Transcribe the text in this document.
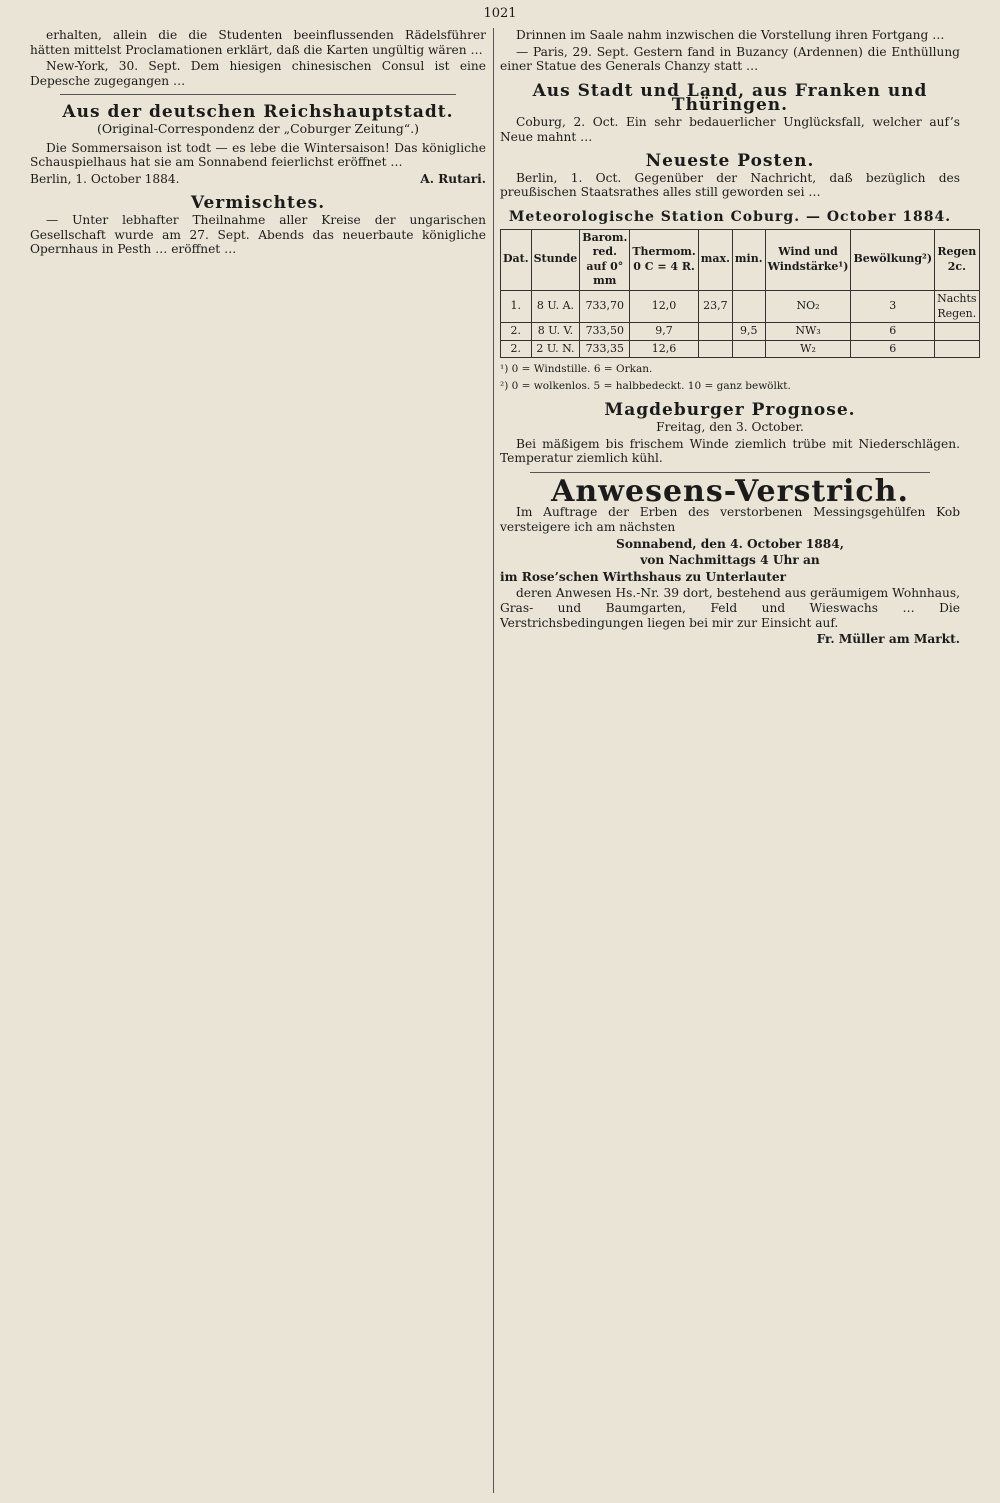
1021

erhalten, allein die die Studenten beeinflussenden Rädelsführer hätten mittelst Proclamationen erklärt, daß die Karten ungültig wären …

New-York, 30. Sept. Dem hiesigen chinesischen Consul ist eine Depesche zugegangen …

Aus der deutschen Reichshauptstadt.
(Original-Correspondenz der „Coburger Zeitung“.)

Die Sommersaison ist todt — es lebe die Wintersaison! Das königliche Schauspielhaus hat sie am Sonnabend feierlichst eröffnet …

Berlin, 1. October 1884.	A. Rutari.
Vermischtes.

— Unter lebhafter Theilnahme aller Kreise der ungarischen Gesellschaft wurde am 27. Sept. Abends das neuerbaute königliche Opernhaus in Pesth … eröffnet …

Drinnen im Saale nahm inzwischen die Vorstellung ihren Fortgang …

— Paris, 29. Sept. Gestern fand in Buzancy (Ardennen) die Enthüllung einer Statue des Generals Chanzy statt …

Aus Stadt und Land, aus Franken und Thüringen.

Coburg, 2. Oct. Ein sehr bedauerlicher Unglücksfall, welcher auf’s Neue mahnt …

Neueste Posten.

Berlin, 1. Oct. Gegenüber der Nachricht, daß bezüglich des preußischen Staatsrathes alles still geworden sei …

Meteorologische Station Coburg. — October 1884.
Dat.	Stunde	Barom. red. auf 0° mm	Thermom. 0 C = 4 R.	max.	min.	Wind und Windstärke¹)	Bewölkung²)	Regen 2c.
1.	8 U. A.	733,70	12,0	23,7		NO₂	3	Nachts Regen.
2.	8 U. V.	733,50	9,7		9,5	NW₃	6	
2.	2 U. N.	733,35	12,6			W₂	6	

¹) 0 = Windstille. 6 = Orkan.

²) 0 = wolkenlos. 5 = halbbedeckt. 10 = ganz bewölkt.

Magdeburger Prognose.

Freitag, den 3. October.

Bei mäßigem bis frischem Winde ziemlich trübe mit Niederschlägen. Temperatur ziemlich kühl.

Anwesens-Verstrich.

Im Auftrage der Erben des verstorbenen Messingsgehülfen Kob versteigere ich am nächsten

Sonnabend, den 4. October 1884,

von Nachmittags 4 Uhr an

im Rose’schen Wirthshaus zu Unterlauter

deren Anwesen Hs.-Nr. 39 dort, bestehend aus geräumigem Wohnhaus, Gras- und Baumgarten, Feld und Wieswachs … Die Verstrichsbedingungen liegen bei mir zur Einsicht auf.

Fr. Müller am Markt.
